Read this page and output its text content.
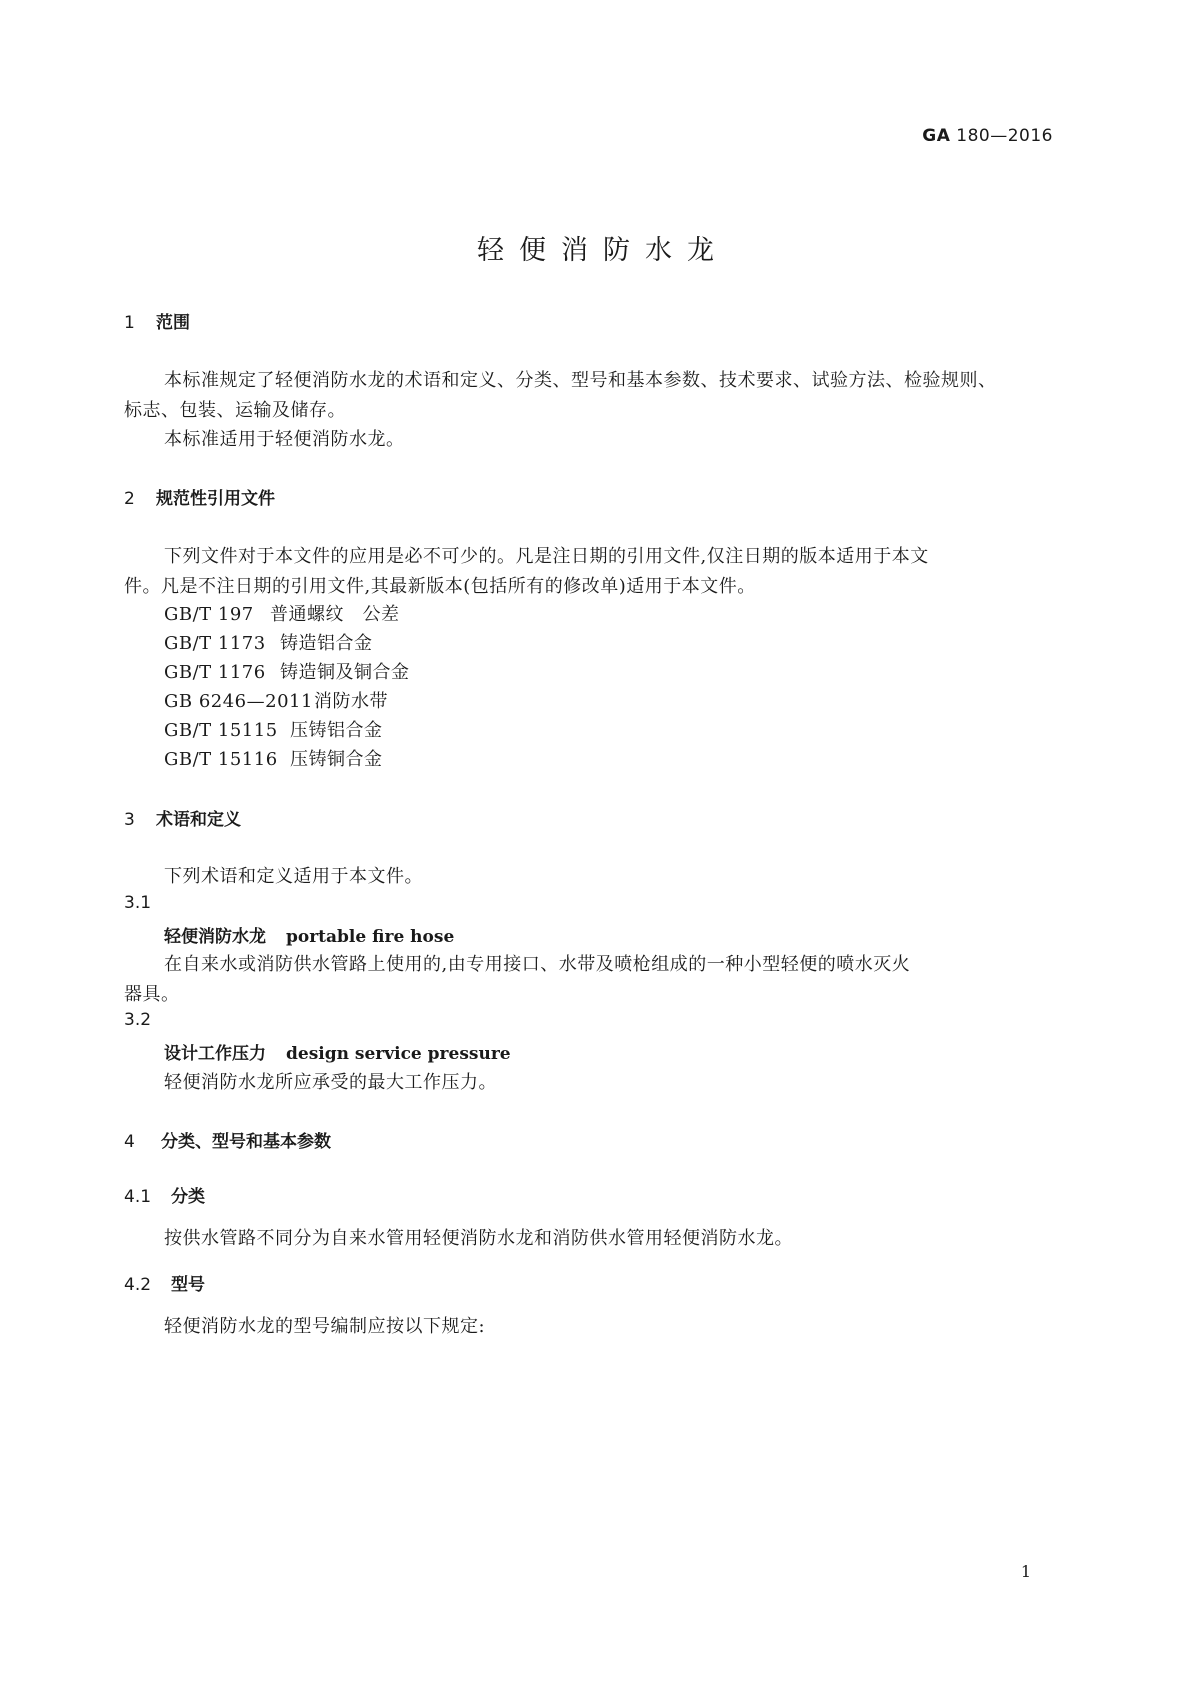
GA 180—2016
轻便消防水龙
1 范围
本标准规定了轻便消防水龙的术语和定义、分类、型号和基本参数、技术要求、试验方法、检验规则、
标志、包装、运输及储存。
本标准适用于轻便消防水龙。
2 规范性引用文件
下列文件对于本文件的应用是必不可少的。凡是注日期的引用文件,仅注日期的版本适用于本文
件。凡是不注日期的引用文件,其最新版本(包括所有的修改单)适用于本文件。
GB/T 197 普通螺纹　公差
GB/T 1173 铸造铝合金
GB/T 1176 铸造铜及铜合金
GB 6246—2011消防水带
GB/T 15115 压铸铝合金
GB/T 15116 压铸铜合金
3 术语和定义
下列术语和定义适用于本文件。
3.1
轻便消防水龙 portable fire hose
在自来水或消防供水管路上使用的,由专用接口、水带及喷枪组成的一种小型轻便的喷水灭火
器具。
3.2
设计工作压力 design service pressure
轻便消防水龙所应承受的最大工作压力。
4 分类、型号和基本参数
4.1 分类
按供水管路不同分为自来水管用轻便消防水龙和消防供水管用轻便消防水龙。
4.2 型号
轻便消防水龙的型号编制应按以下规定:
1
